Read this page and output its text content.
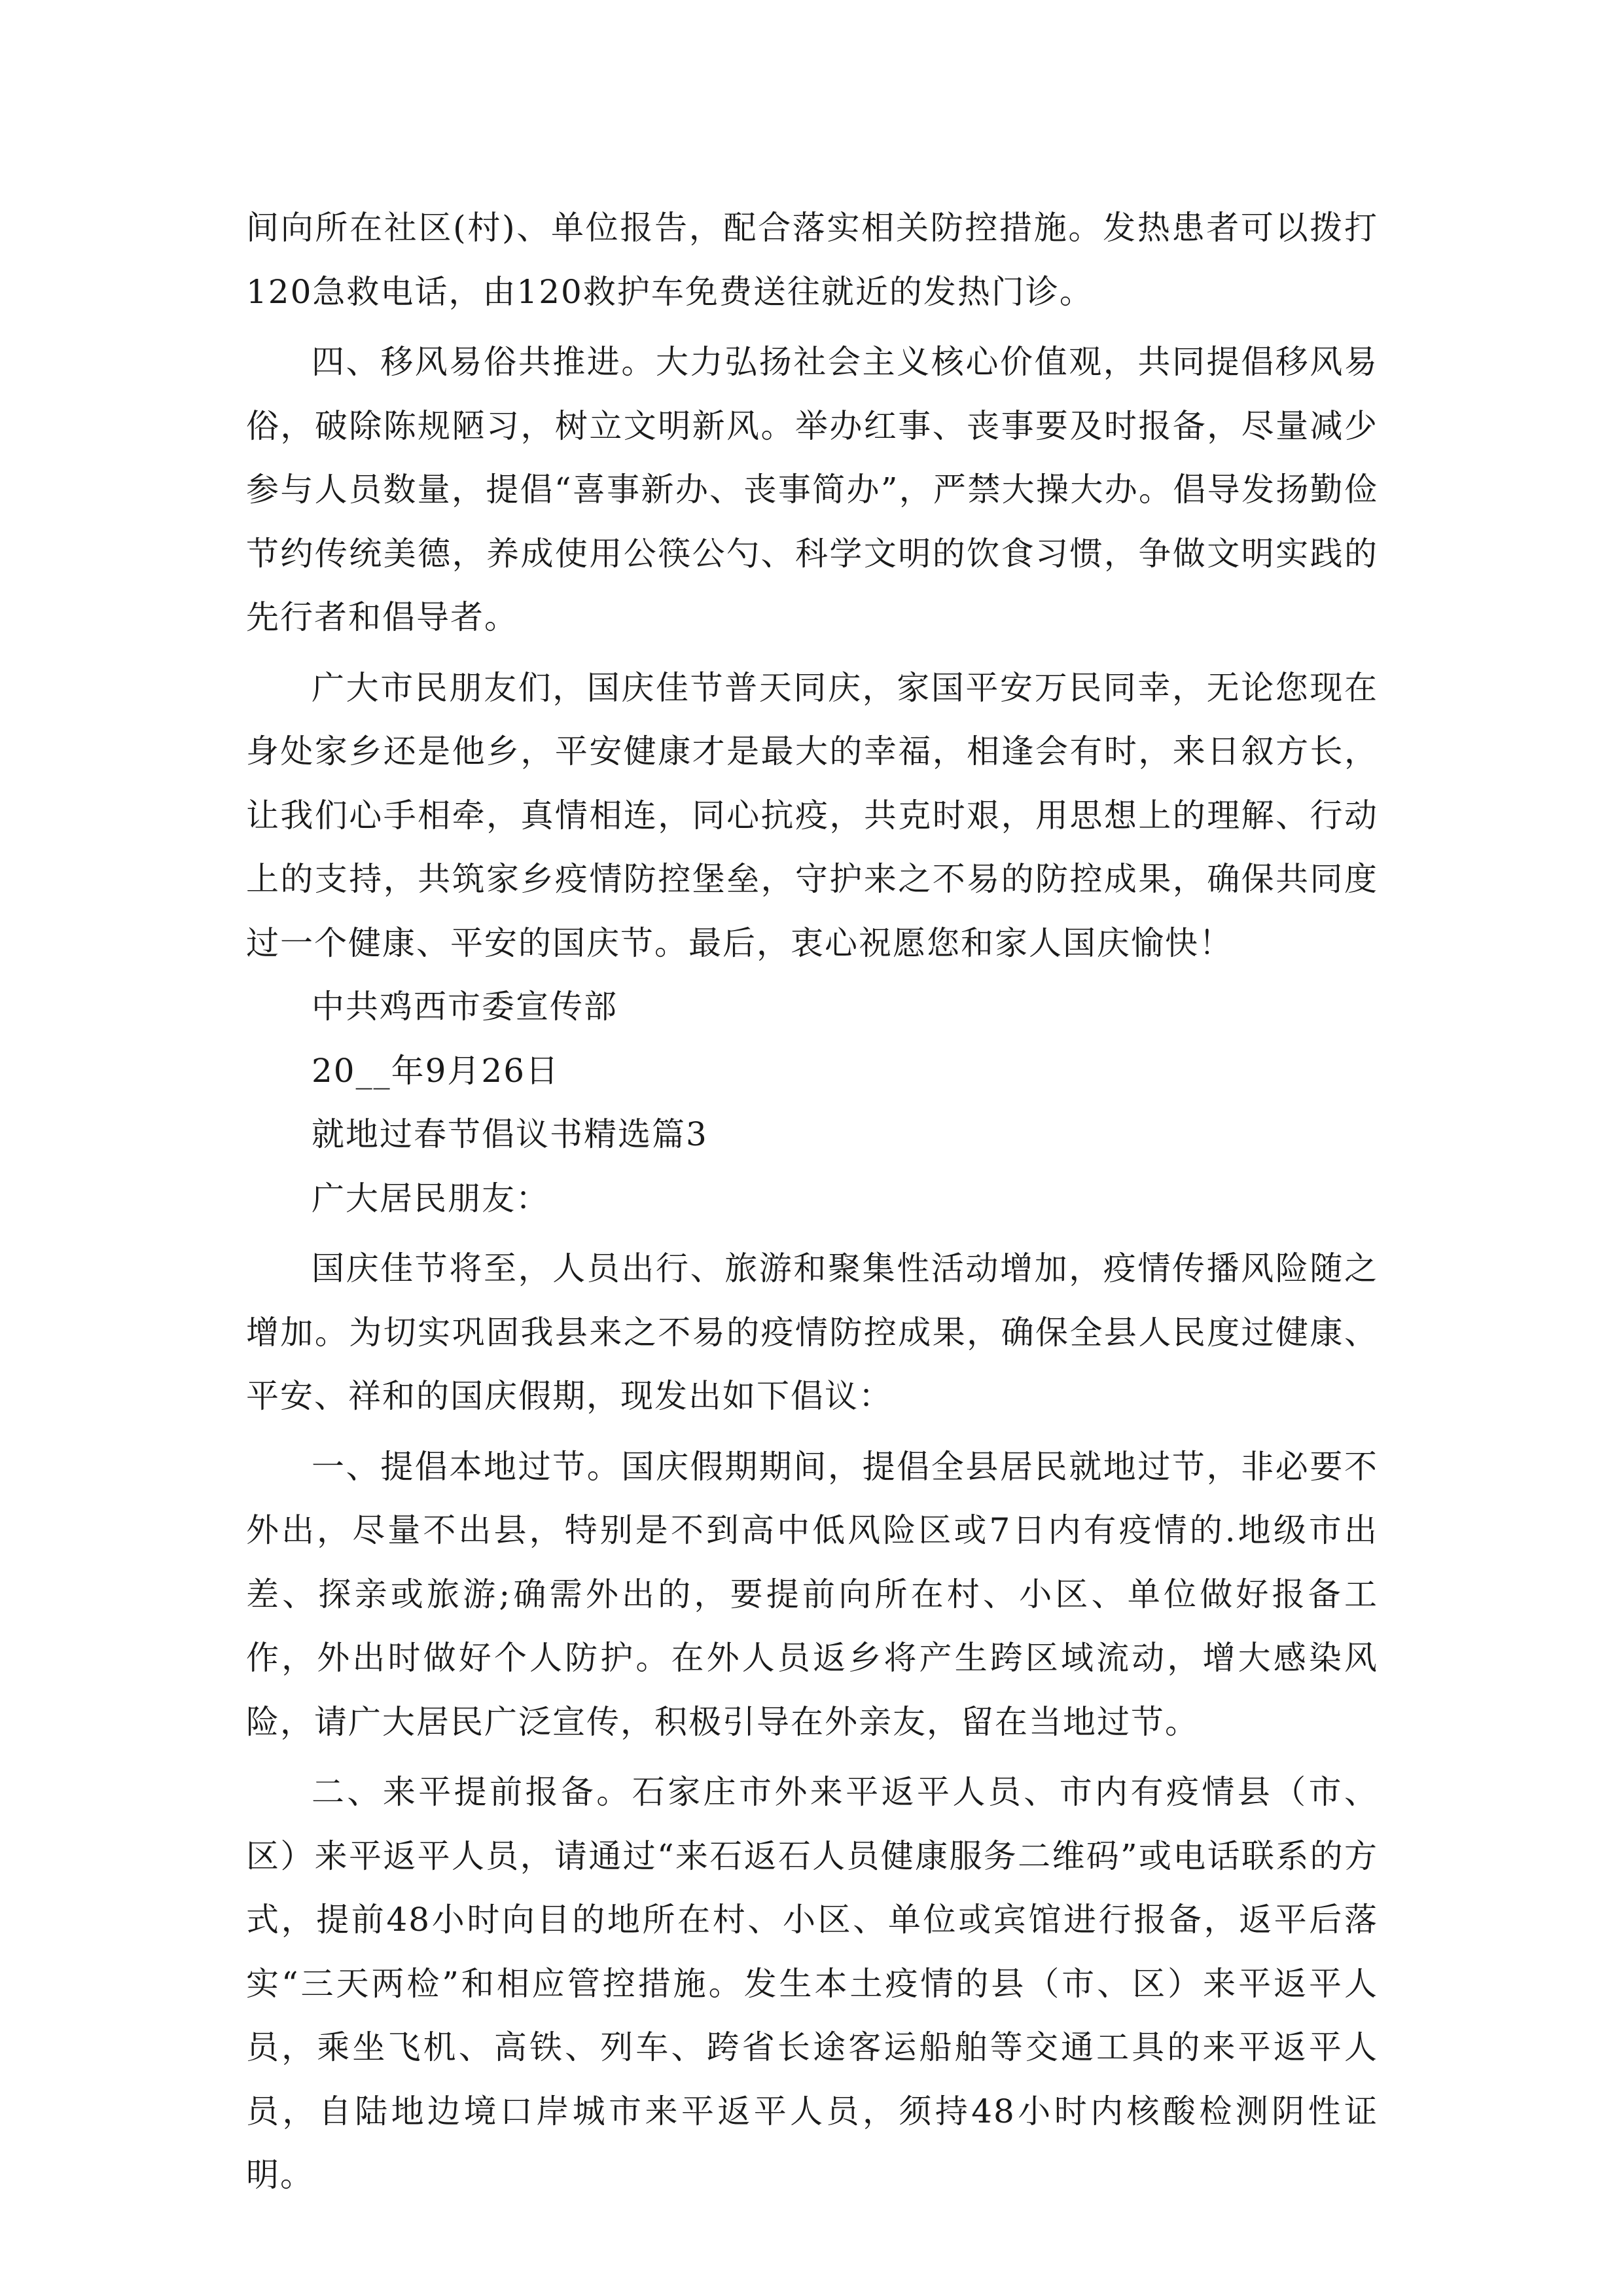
间向所在社区(村)、单位报告，配合落实相关防控措施。发热患者可以拨打120急救电话，由120救护车免费送往就近的发热门诊。

四、移风易俗共推进。大力弘扬社会主义核心价值观，共同提倡移风易俗，破除陈规陋习，树立文明新风。举办红事、丧事要及时报备，尽量减少参与人员数量，提倡“喜事新办、丧事简办”，严禁大操大办。倡导发扬勤俭节约传统美德，养成使用公筷公勺、科学文明的饮食习惯，争做文明实践的先行者和倡导者。

广大市民朋友们，国庆佳节普天同庆，家国平安万民同幸，无论您现在身处家乡还是他乡，平安健康才是最大的幸福，相逢会有时，来日叙方长，让我们心手相牵，真情相连，同心抗疫，共克时艰，用思想上的理解、行动上的支持，共筑家乡疫情防控堡垒，守护来之不易的防控成果，确保共同度过一个健康、平安的国庆节。最后，衷心祝愿您和家人国庆愉快！

中共鸡西市委宣传部

20__年9月26日

就地过春节倡议书精选篇3

广大居民朋友：

国庆佳节将至，人员出行、旅游和聚集性活动增加，疫情传播风险随之增加。为切实巩固我县来之不易的疫情防控成果，确保全县人民度过健康、平安、祥和的国庆假期，现发出如下倡议：

一、提倡本地过节。国庆假期期间，提倡全县居民就地过节，非必要不外出，尽量不出县，特别是不到高中低风险区或7日内有疫情的.地级市出差、探亲或旅游;确需外出的，要提前向所在村、小区、单位做好报备工作，外出时做好个人防护。在外人员返乡将产生跨区域流动，增大感染风险，请广大居民广泛宣传，积极引导在外亲友，留在当地过节。

二、来平提前报备。石家庄市外来平返平人员、市内有疫情县（市、区）来平返平人员，请通过“来石返石人员健康服务二维码”或电话联系的方式，提前48小时向目的地所在村、小区、单位或宾馆进行报备，返平后落实“三天两检”和相应管控措施。发生本土疫情的县（市、区）来平返平人员，乘坐飞机、高铁、列车、跨省长途客运船舶等交通工具的来平返平人员，自陆地边境口岸城市来平返平人员，须持48小时内核酸检测阴性证明。
